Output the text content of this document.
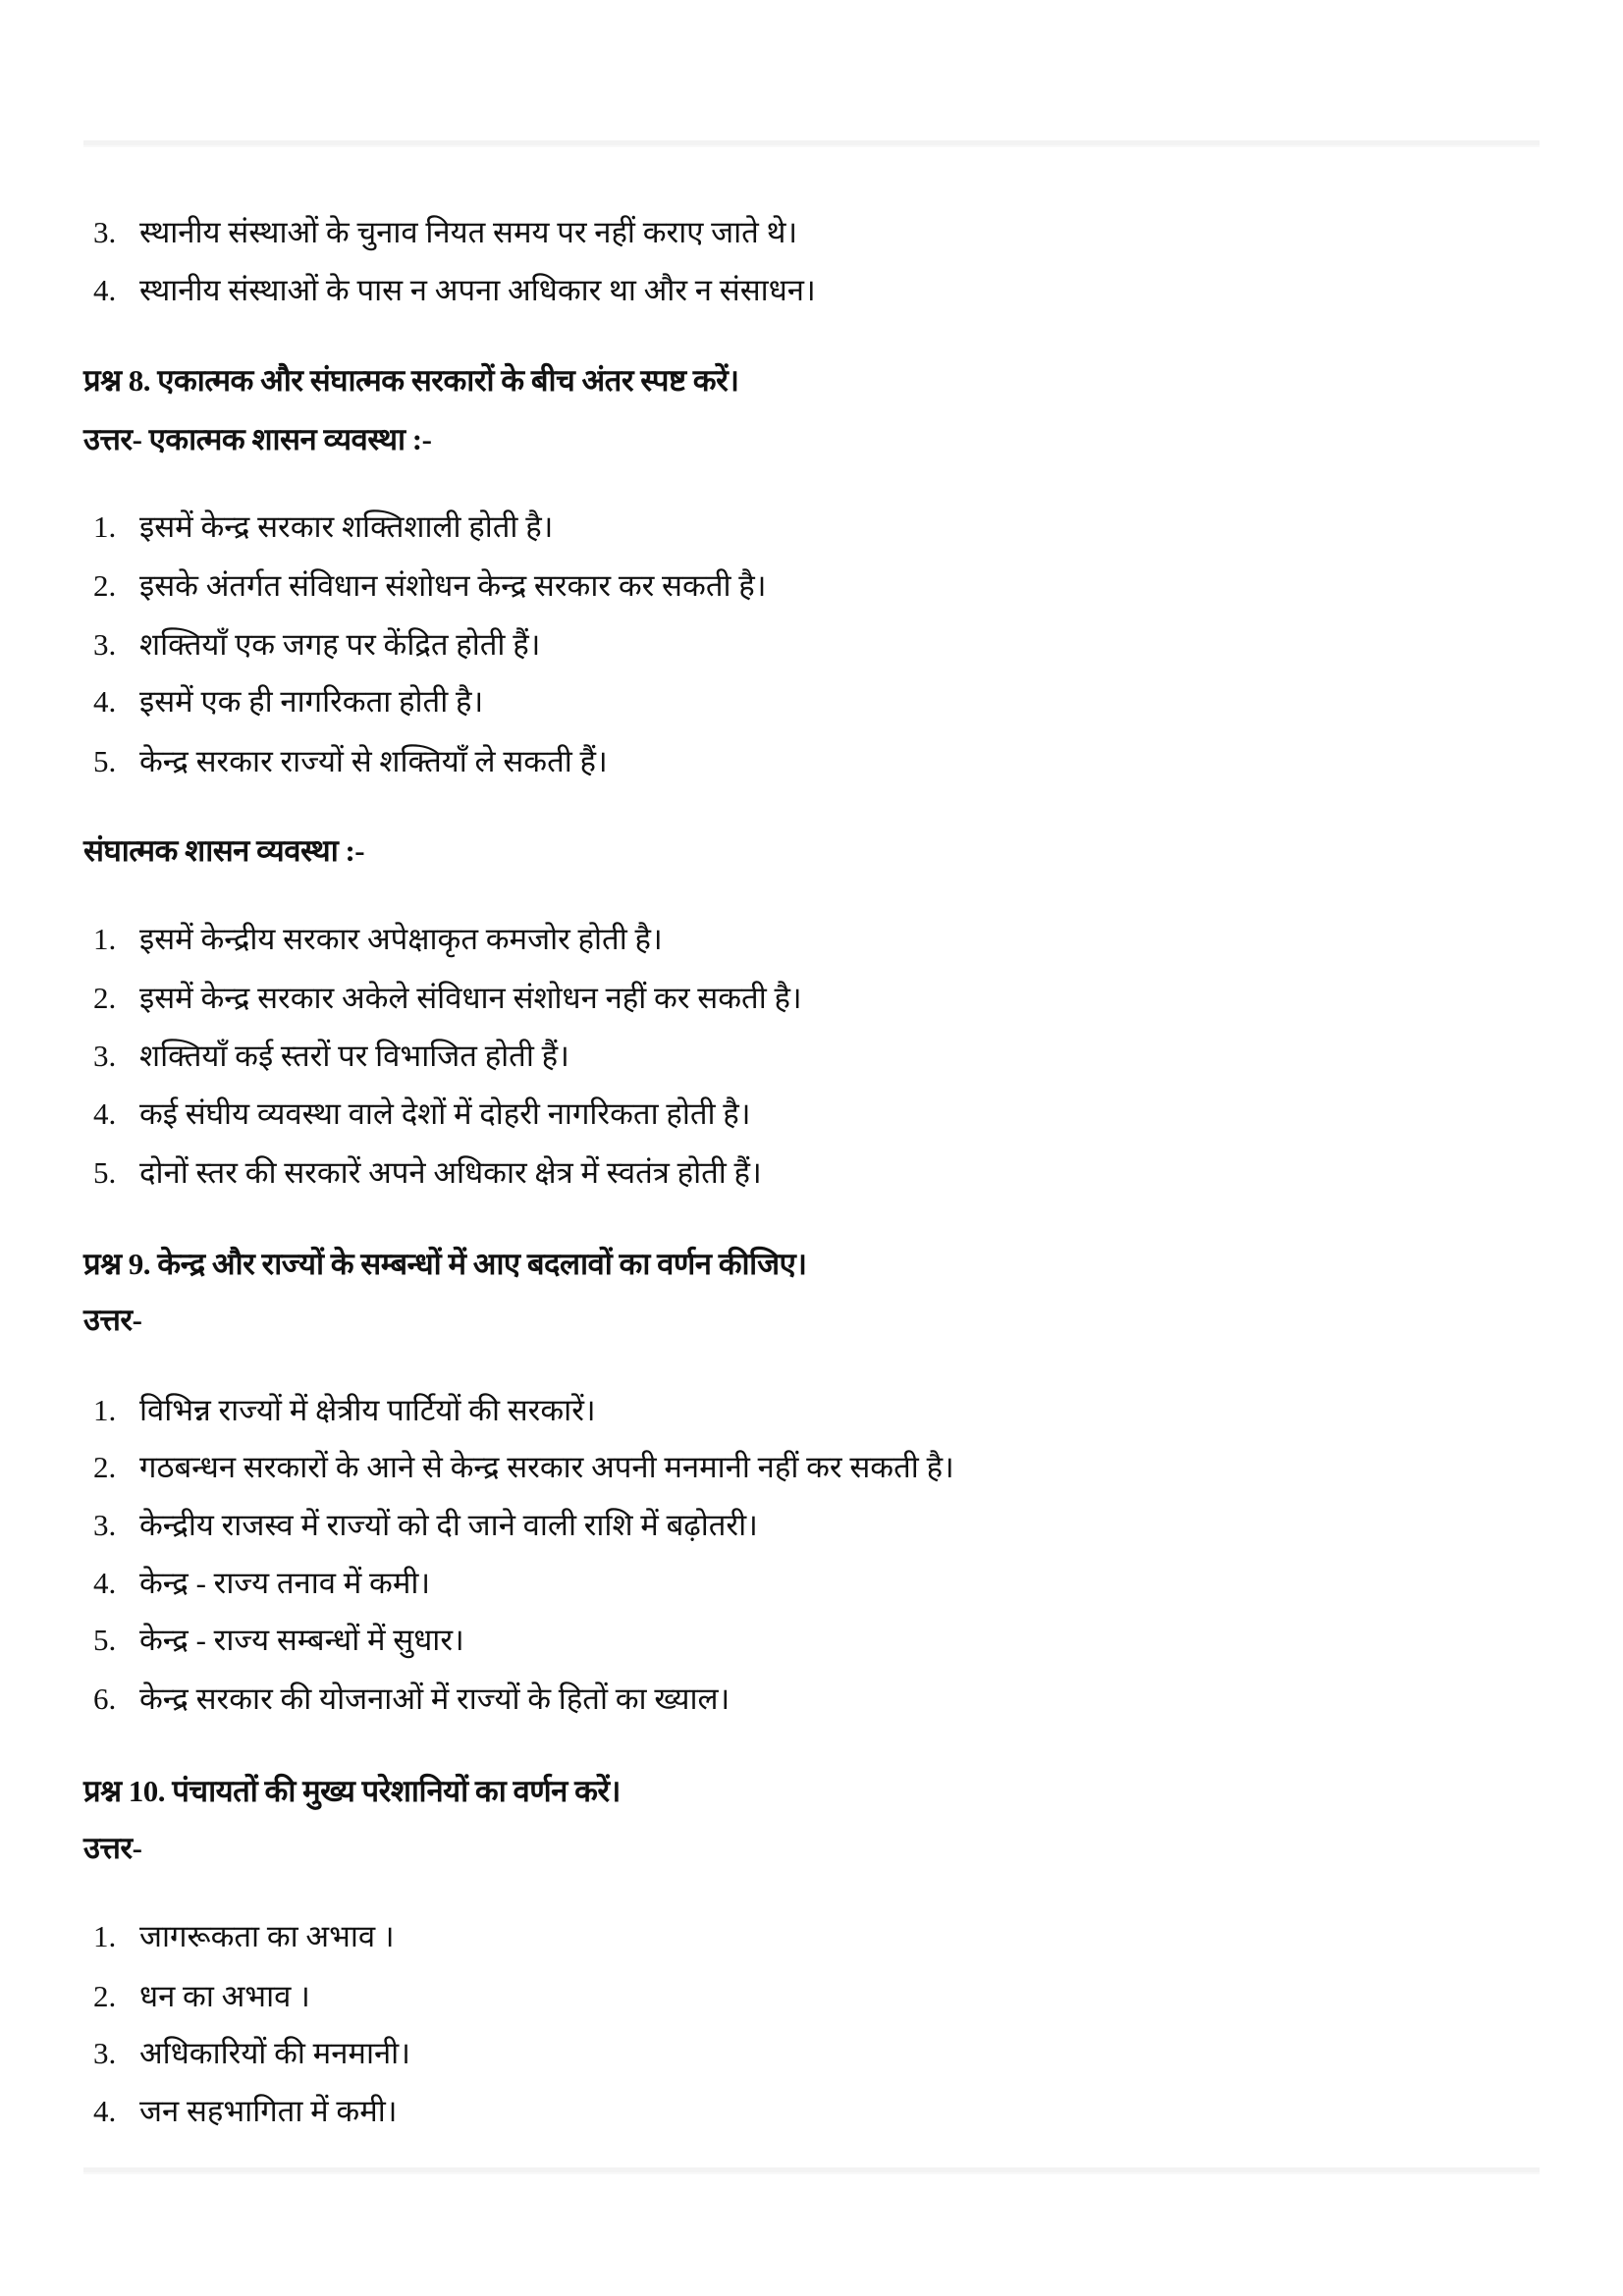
3. स्थानीय संस्थाओं के चुनाव नियत समय पर नहीं कराए जाते थे।
4. स्थानीय संस्थाओं के पास न अपना अधिकार था और न संसाधन।
प्रश्न 8. एकात्मक और संघात्मक सरकारों के बीच अंतर स्पष्ट करें।
उत्तर- एकात्मक शासन व्यवस्था :-
1. इसमें केन्द्र सरकार शक्तिशाली होती है।
2. इसके अंतर्गत संविधान संशोधन केन्द्र सरकार कर सकती है।
3. शक्तियाँ एक जगह पर केंद्रित होती हैं।
4. इसमें एक ही नागरिकता होती है।
5. केन्द्र सरकार राज्यों से शक्तियाँ ले सकती हैं।
संघात्मक शासन व्यवस्था :-
1. इसमें केन्द्रीय सरकार अपेक्षाकृत कमजोर होती है।
2. इसमें केन्द्र सरकार अकेले संविधान संशोधन नहीं कर सकती है।
3. शक्तियाँ कई स्तरों पर विभाजित होती हैं।
4. कई संघीय व्यवस्था वाले देशों में दोहरी नागरिकता होती है।
5. दोनों स्तर की सरकारें अपने अधिकार क्षेत्र में स्वतंत्र होती हैं।
प्रश्न 9. केन्द्र और राज्यों के सम्बन्धों में आए बदलावों का वर्णन कीजिए।
उत्तर-
1. विभिन्न राज्यों में क्षेत्रीय पार्टियों की सरकारें।
2. गठबन्धन सरकारों के आने से केन्द्र सरकार अपनी मनमानी नहीं कर सकती है।
3. केन्द्रीय राजस्व में राज्यों को दी जाने वाली राशि में बढ़ोतरी।
4. केन्द्र - राज्य तनाव में कमी।
5. केन्द्र - राज्य सम्बन्धों में सुधार।
6. केन्द्र सरकार की योजनाओं में राज्यों के हितों का ख्याल।
प्रश्न 10. पंचायतों की मुख्य परेशानियों का वर्णन करें।
उत्तर-
1. जागरूकता का अभाव ।
2. धन का अभाव ।
3. अधिकारियों की मनमानी।
4. जन सहभागिता में कमी।
